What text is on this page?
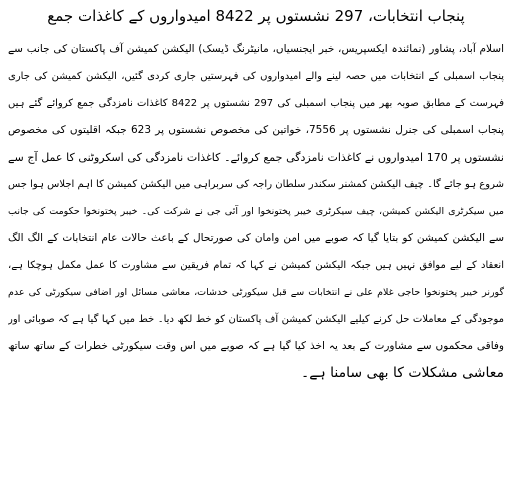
پنجاب انتخابات، 297 نشستوں پر 8422 امیدواروں کے کاغذات جمع
اسلام آباد، پشاور (نمائندہ ایکسپریس، خبر ایجنسیاں، مانیٹرنگ ڈیسک) الیکشن کمیشن آف پاکستان کی جانب سے
پنجاب اسمبلی کے انتخابات میں حصہ لینے والے امیدواروں کی فہرستیں جاری کردی گئیں، الیکشن کمیشن کی جاری
فہرست کے مطابق صوبہ بھر میں پنجاب اسمبلی کی 297 نشستوں پر 8422 کاغذات نامزدگی جمع کروائے گئے ہیں
پنجاب اسمبلی کی جنرل نشستوں پر 7556، خواتین کی مخصوص نشستوں پر 623 جبکہ اقلیتوں کی مخصوص
نشستوں پر 170 امیدواروں نے کاغذات نامزدگی جمع کروائے۔ کاغذات نامزدگی کی اسکروٹنی کا عمل آج سے
شروع ہو جائے گا۔ چیف الیکشن کمشنر سکندر سلطان راجہ کی سربراہی میں الیکشن کمیشن کا اہم اجلاس ہوا جس
میں سیکرٹری الیکشن کمیشن، چیف سیکرٹری خیبر پختونخوا اور آئی جی نے شرکت کی۔ خیبر پختونخوا حکومت کی جانب
سے الیکشن کمیشن کو بتایا گیا کہ صوبے میں امن وامان کی صورتحال کے باعث حالات عام انتخابات کے الگ الگ
انعقاد کے لیے موافق نہیں ہیں جبکہ الیکشن کمیشن نے کہا کہ تمام فریقین سے مشاورت کا عمل مکمل ہوچکا ہے،
گورنر خیبر پختونخوا حاجی غلام علی نے انتخابات سے قبل سیکورٹی خدشات، معاشی مسائل اور اضافی سیکورٹی کی عدم
موجودگی کے معاملات حل کرنے کیلیے الیکشن کمیشن آف پاکستان کو خط لکھ دیا۔ خط میں کہا گیا ہے کہ صوبائی اور
وفاقی محکموں سے مشاورت کے بعد یہ اخذ کیا گیا ہے کہ صوبے میں اس وقت سیکورٹی خطرات کے ساتھ ساتھ
معاشی مشکلات کا بھی سامنا ہے۔
